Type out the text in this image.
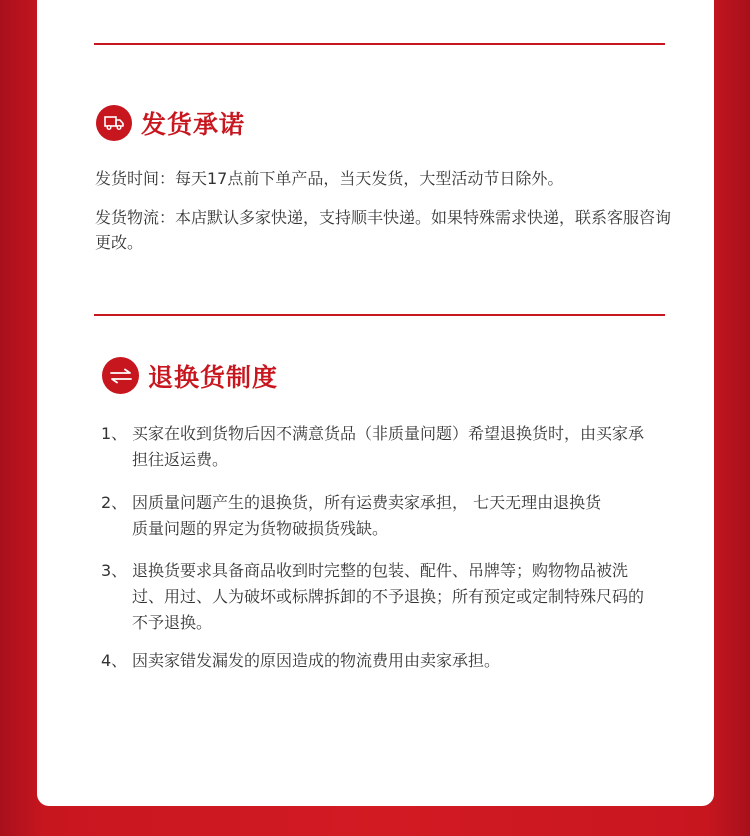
发货承诺
发货时间：每天17点前下单产品，当天发货，大型活动节日除外。
发货物流：本店默认多家快递，支持顺丰快递。如果特殊需求快递，联系客服咨询更改。
退换货制度
1、 买家在收到货物后因不满意货品（非质量问题）希望退换货时，由买家承担往返运费。
2、 因质量问题产生的退换货，所有运费卖家承担， 七天无理由退换货质量问题的界定为货物破损货残缺。
3、 退换货要求具备商品收到时完整的包装、配件、吊牌等；购物物品被洗过、用过、人为破坏或标牌拆卸的不予退换；所有预定或定制特殊尺码的不予退换。
4、 因卖家错发漏发的原因造成的物流费用由卖家承担。
